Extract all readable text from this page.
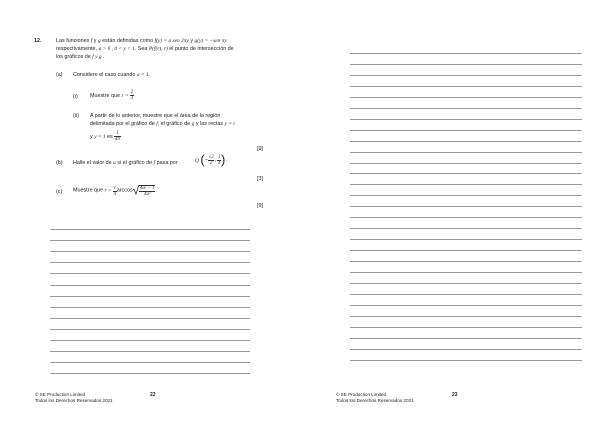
12.	Las funciones f y g están definidas como f(y) = a sen 2πy y g(y) = −sen πy
respectivamente, a > 0 , 0 < y < 1. Sea P(f(r), r) el punto de intersección de
los gráficos de f y g .
(a) Considere el caso cuando a = 1.
(i) Muestre que $r = \frac{2}{3}$
(ii) A partir de lo anterior, muestre que el área de la región
delimitada por el gráfico de f, el gráfico de g y las rectas y = r
y y = 1 es $\frac{1}{4\pi}$
[9]
(b) Halle el valor de a si el gráfico de f pasa por	Q (− $\frac{√2}{2}$ , $\frac{1}{4}$ ).
[3]
(c) Muestre que $r = \frac{1}{\pi} \arccos√ \frac{\text{4a² − 1}}{\text{4a²}}$ .
[9]
© SE Production Limited
Todos los Derechos Reservados 2021
22	© SE Production Limited
Todos los Derechos Reservados 2021
23
